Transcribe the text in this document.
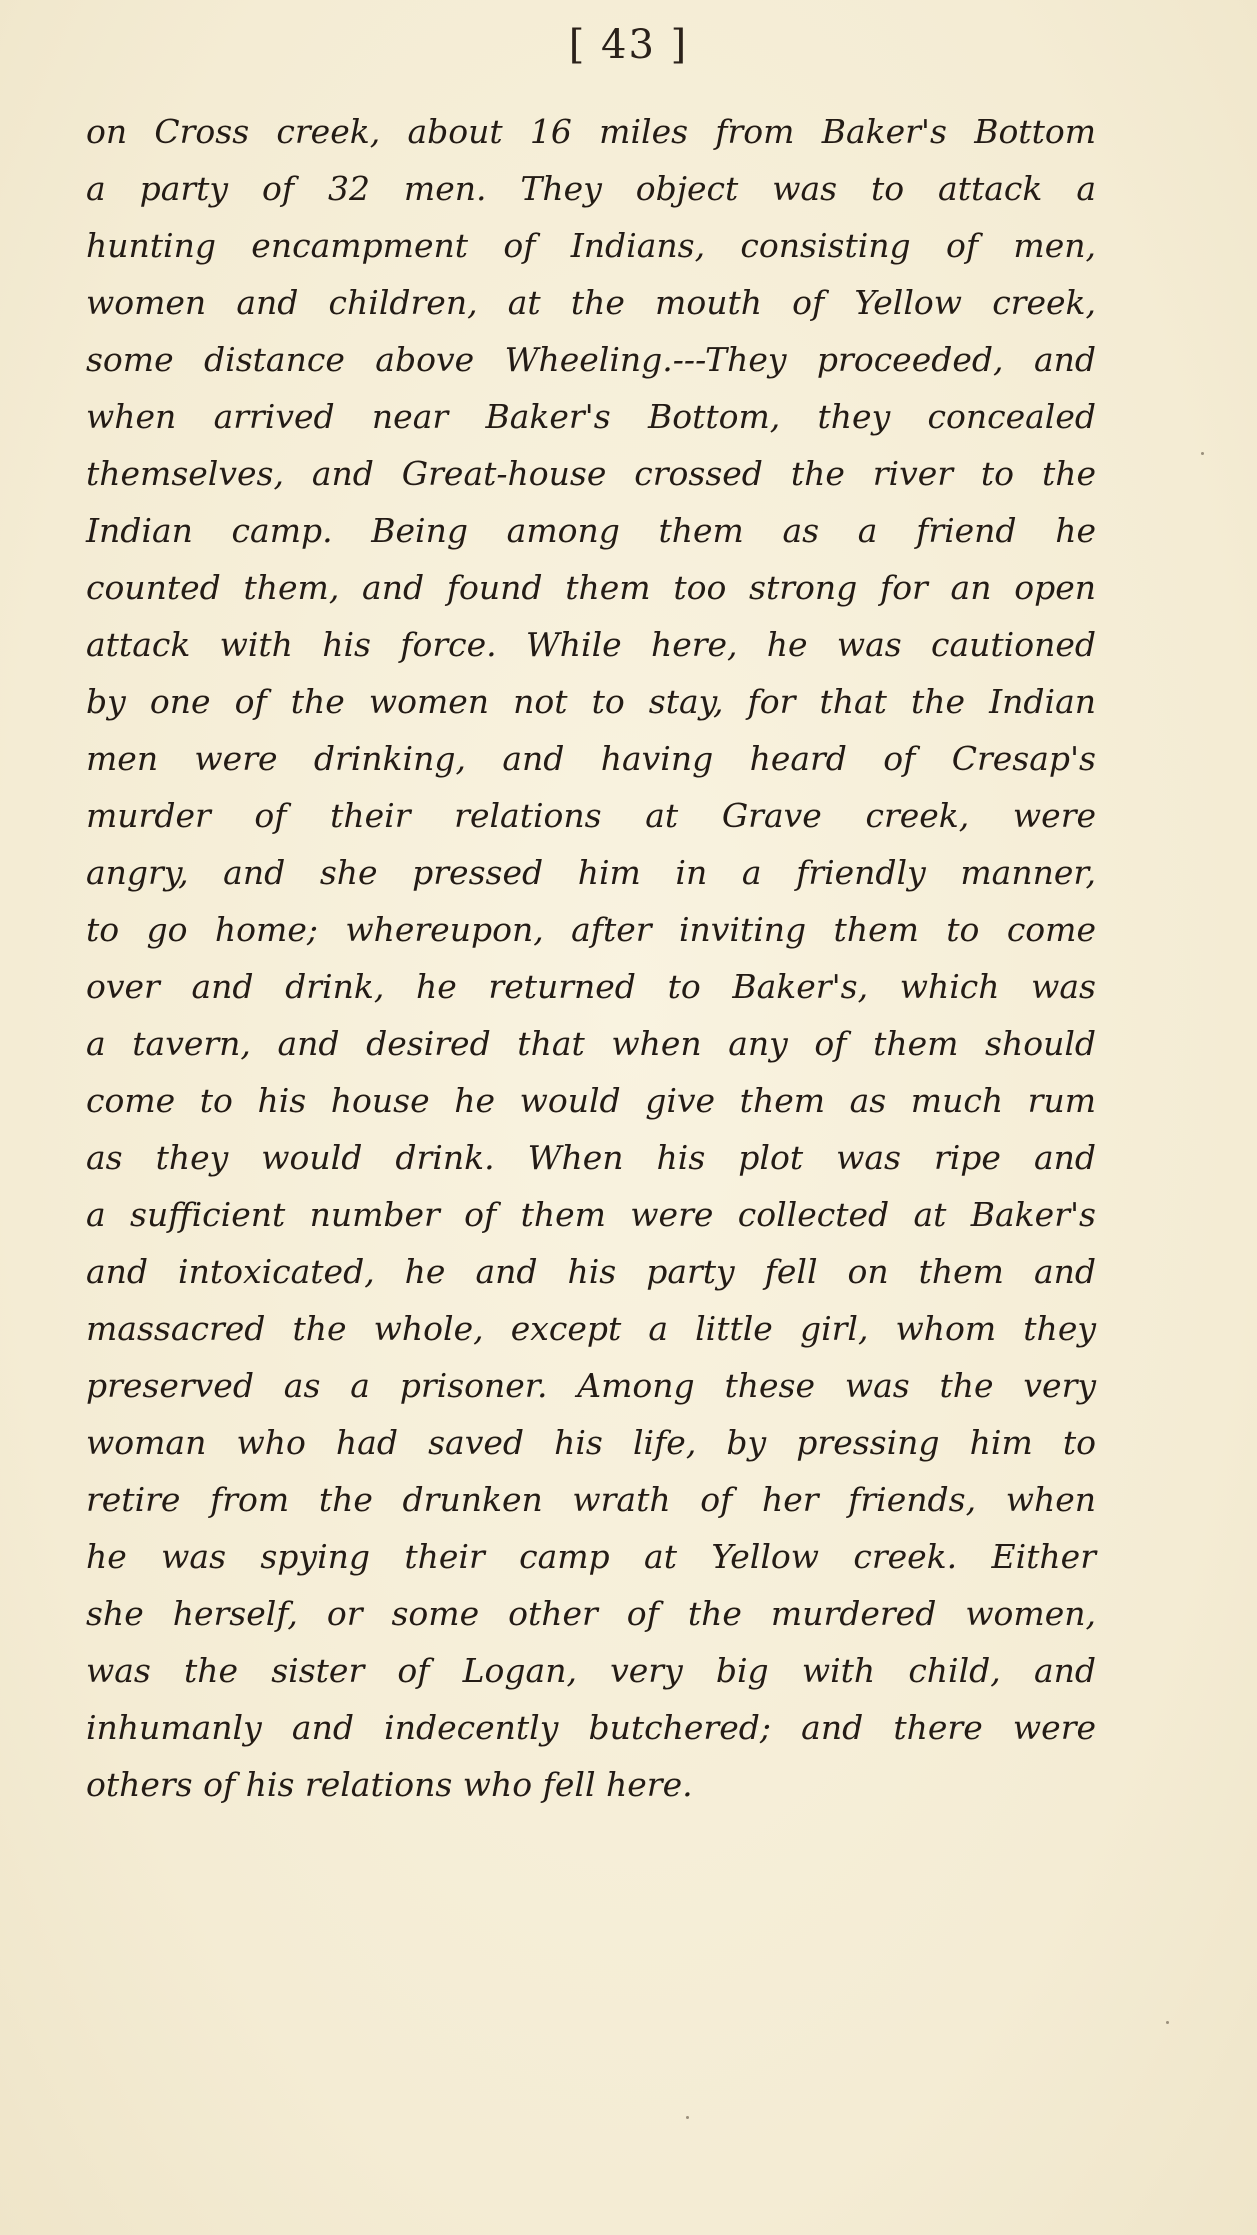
[ 43 ]
on Cross creek, about 16 miles from Baker's Bottom
a party of 32 men. They object was to attack a
hunting encampment of Indians, consisting of men,
women and children, at the mouth of Yellow creek,
some distance above Wheeling.---They proceeded, and
when arrived near Baker's Bottom, they concealed
themselves, and Great-house crossed the river to the
Indian camp. Being among them as a friend he
counted them, and found them too strong for an open
attack with his force. While here, he was cautioned
by one of the women not to stay, for that the Indian
men were drinking, and having heard of Cresap's
murder of their relations at Grave creek, were
angry, and she pressed him in a friendly manner,
to go home; whereupon, after inviting them to come
over and drink, he returned to Baker's, which was
a tavern, and desired that when any of them should
come to his house he would give them as much rum
as they would drink. When his plot was ripe and
a sufficient number of them were collected at Baker's
and intoxicated, he and his party fell on them and
massacred the whole, except a little girl, whom they
preserved as a prisoner. Among these was the very
woman who had saved his life, by pressing him to
retire from the drunken wrath of her friends, when
he was spying their camp at Yellow creek. Either
she herself, or some other of the murdered women,
was the sister of Logan, very big with child, and
inhumanly and indecently butchered; and there were
others of his relations who fell here.
